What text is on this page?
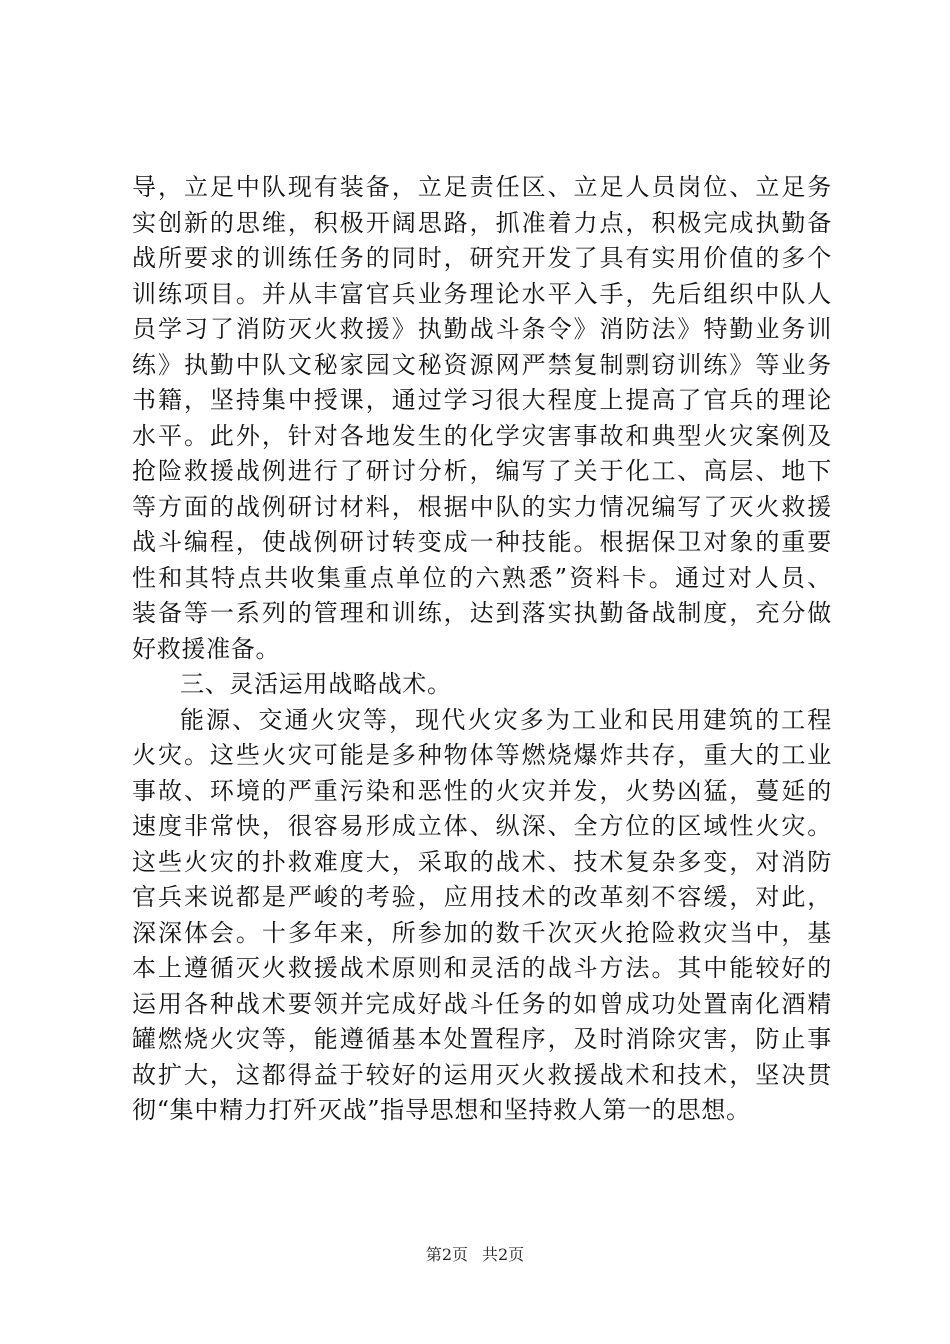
导，立足中队现有装备，立足责任区、立足人员岗位、立足务
实创新的思维，积极开阔思路，抓准着力点，积极完成执勤备
战所要求的训练任务的同时，研究开发了具有实用价值的多个
训练项目。并从丰富官兵业务理论水平入手，先后组织中队人
员学习了消防灭火救援》执勤战斗条令》消防法》特勤业务训
练》执勤中队文秘家园文秘资源网严禁复制剽窃训练》等业务
书籍，坚持集中授课，通过学习很大程度上提高了官兵的理论
水平。此外，针对各地发生的化学灾害事故和典型火灾案例及
抢险救援战例进行了研讨分析，编写了关于化工、高层、地下
等方面的战例研讨材料，根据中队的实力情况编写了灭火救援
战斗编程，使战例研讨转变成一种技能。根据保卫对象的重要
性和其特点共收集重点单位的六熟悉”资料卡。通过对人员、
装备等一系列的管理和训练，达到落实执勤备战制度，充分做
好救援准备。
三、灵活运用战略战术。
能源、交通火灾等，现代火灾多为工业和民用建筑的工程
火灾。这些火灾可能是多种物体等燃烧爆炸共存，重大的工业
事故、环境的严重污染和恶性的火灾并发，火势凶猛，蔓延的
速度非常快，很容易形成立体、纵深、全方位的区域性火灾。
这些火灾的扑救难度大，采取的战术、技术复杂多变，对消防
官兵来说都是严峻的考验，应用技术的改革刻不容缓，对此，
深深体会。十多年来，所参加的数千次灭火抢险救灾当中，基
本上遵循灭火救援战术原则和灵活的战斗方法。其中能较好的
运用各种战术要领并完成好战斗任务的如曾成功处置南化酒精
罐燃烧火灾等，能遵循基本处置程序，及时消除灾害，防止事
故扩大，这都得益于较好的运用灭火救援战术和技术，坚决贯
彻“集中精力打歼灭战”指导思想和坚持救人第一的思想。
第2页 共2页
